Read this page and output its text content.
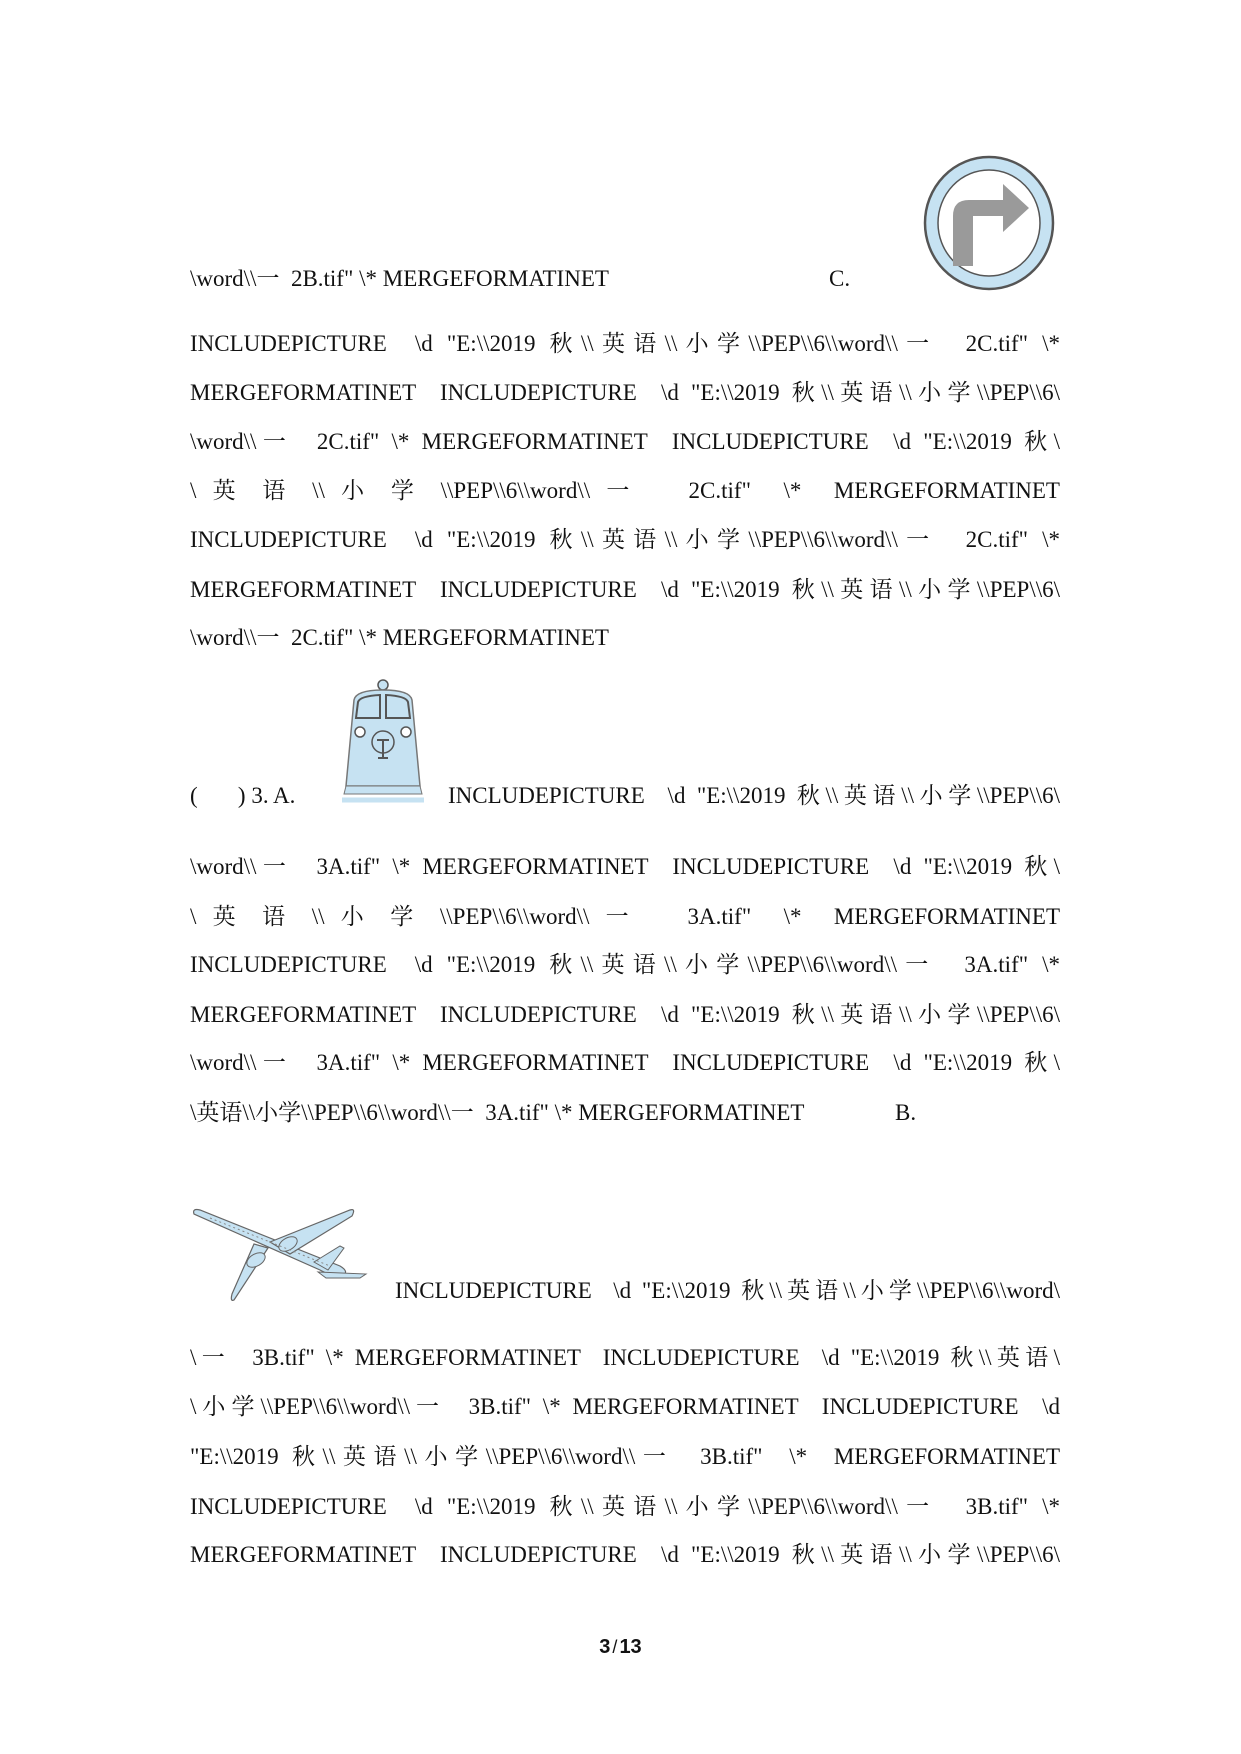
\word\\一  2B.tif" \* MERGEFORMATINET	C.
INCLUDEPICTURE  \d "E:\\2019 秋\\英语\\小学\\PEP\\6\\word\\一  2C.tif" \*
MERGEFORMATINET  INCLUDEPICTURE  \d "E:\\2019 秋\\英语\\小学\\PEP\\6\
\word\\一  2C.tif" \* MERGEFORMATINET  INCLUDEPICTURE  \d "E:\\2019 秋\
\ 英 语 \\ 小 学 \\PEP\\6\\word\\ 一   2C.tif"  \*  MERGEFORMATINET
INCLUDEPICTURE  \d "E:\\2019 秋\\英语\\小学\\PEP\\6\\word\\一  2C.tif" \*
MERGEFORMATINET  INCLUDEPICTURE  \d "E:\\2019 秋\\英语\\小学\\PEP\\6\
\word\\一  2C.tif" \* MERGEFORMATINET
(       ) 3. A.	INCLUDEPICTURE  \d "E:\\2019 秋\\英语\\小学\\PEP\\6\
\word\\一  3A.tif" \* MERGEFORMATINET  INCLUDEPICTURE  \d "E:\\2019 秋\
\ 英 语 \\ 小 学 \\PEP\\6\\word\\ 一   3A.tif"  \*  MERGEFORMATINET
INCLUDEPICTURE  \d "E:\\2019 秋\\英语\\小学\\PEP\\6\\word\\一  3A.tif" \*
MERGEFORMATINET  INCLUDEPICTURE  \d "E:\\2019 秋\\英语\\小学\\PEP\\6\
\word\\一  3A.tif" \* MERGEFORMATINET  INCLUDEPICTURE  \d "E:\\2019 秋\
\英语\\小学\\PEP\\6\\word\\一  3A.tif" \* MERGEFORMATINET	B.
INCLUDEPICTURE  \d "E:\\2019 秋\\英语\\小学\\PEP\\6\\word\
\一  3B.tif" \* MERGEFORMATINET  INCLUDEPICTURE  \d "E:\\2019 秋\\英语\
\小学\\PEP\\6\\word\\一  3B.tif" \* MERGEFORMATINET  INCLUDEPICTURE  \d
"E:\\2019 秋\\英语\\小学\\PEP\\6\\word\\一  3B.tif"  \*  MERGEFORMATINET
INCLUDEPICTURE  \d "E:\\2019 秋\\英语\\小学\\PEP\\6\\word\\一  3B.tif" \*
MERGEFORMATINET  INCLUDEPICTURE  \d "E:\\2019 秋\\英语\\小学\\PEP\\6\
3 / 13
